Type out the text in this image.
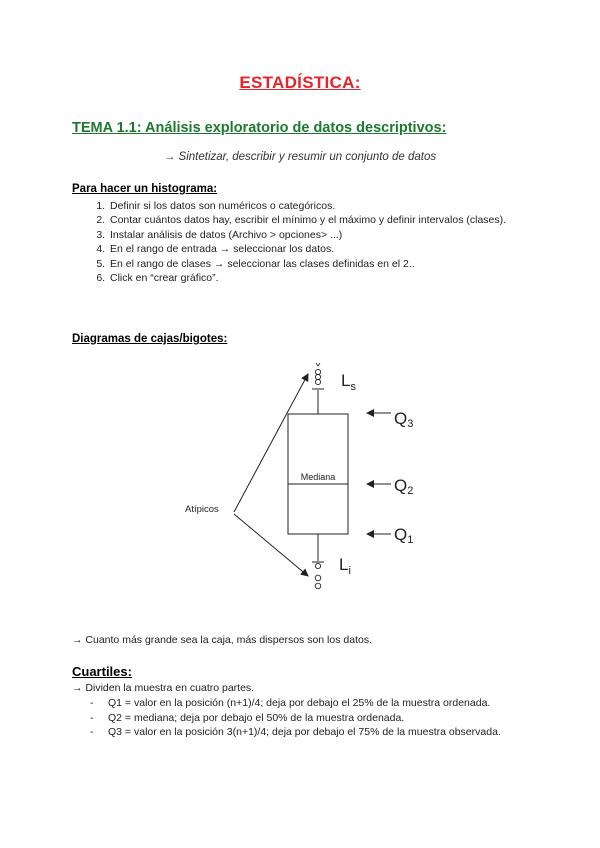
ESTADÍSTICA:
TEMA 1.1: Análisis exploratorio de datos descriptivos:
→ Sintetizar, describir y resumir un conjunto de datos
Para hacer un histograma:
1. Definir si los datos son numéricos o categóricos.
2. Contar cuántos datos hay, escribir el mínimo y el máximo y definir intervalos (clases).
3. Instalar análisis de datos (Archivo > opciones> ...)
4. En el rango de entrada → seleccionar los datos.
5. En el rango de clases → seleccionar las clases definidas en el 2..
6. Click en “crear gráfico”.
Diagramas de cajas/bigotes:
Mediana
$L_s$
$L_i$
Q3
Q2
Q1
Atípicos
→ Cuanto más grande sea la caja, más dispersos son los datos.
Cuartiles:
→ Dividen la muestra en cuatro partes.
- Q1 = valor en la posición (n+1)/4; deja por debajo el 25% de la muestra ordenada.
- Q2 = mediana; deja por debajo el 50% de la muestra ordenada.
- Q3 = valor en la posición 3(n+1)/4; deja por debajo el 75% de la muestra observada.
